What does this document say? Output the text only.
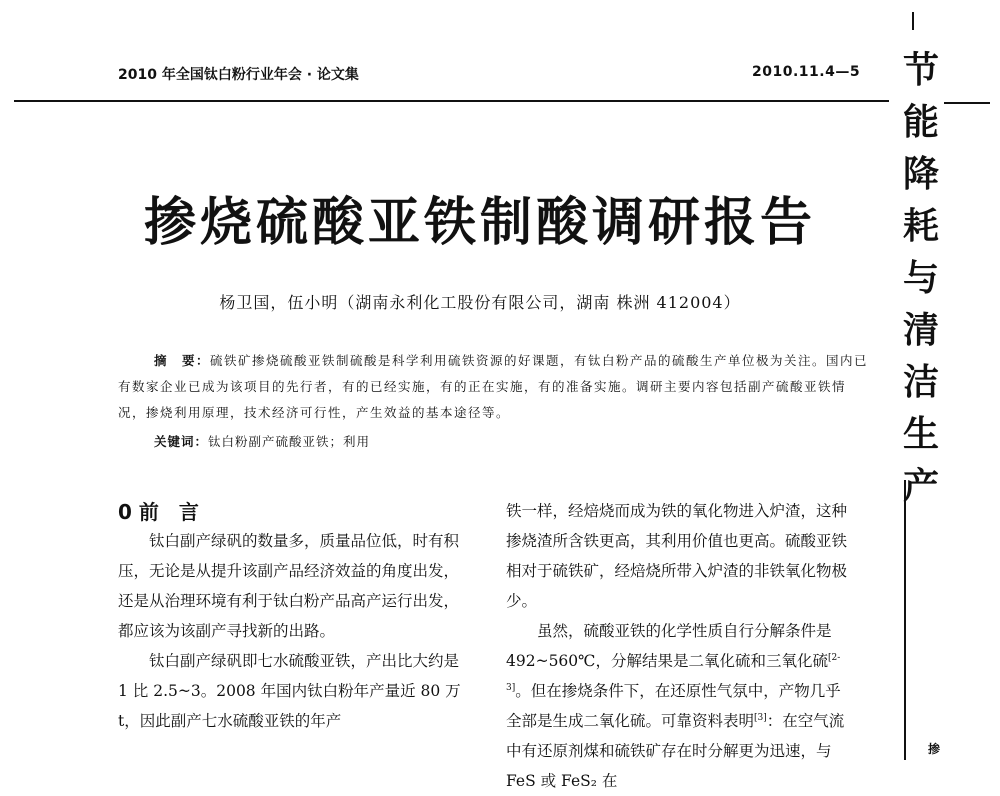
2010 年全国钛白粉行业年会 · 论文集	2010.11.4—5 节
能
降
耗
与
清
洁
生
产
掺
掺烧硫酸亚铁制酸调研报告
杨卫国，伍小明（湖南永利化工股份有限公司，湖南 株洲 412004）
摘　要：硫铁矿掺烧硫酸亚铁制硫酸是科学利用硫铁资源的好课题，有钛白粉产品的硫酸生产单位极为关注。国内已有数家企业已成为该项目的先行者，有的已经实施，有的正在实施，有的准备实施。调研主要内容包括副产硫酸亚铁情况，掺烧利用原理，技术经济可行性，产生效益的基本途径等。
关键词：钛白粉副产硫酸亚铁；利用
0 前　言

钛白副产绿矾的数量多，质量品位低，时有积压，无论是从提升该副产品经济效益的角度出发，还是从治理环境有利于钛白粉产品高产运行出发，都应该为该副产寻找新的出路。

钛白副产绿矾即七水硫酸亚铁，产出比大约是 1 比 2.5~3。2008 年国内钛白粉年产量近 80 万t，因此副产七水硫酸亚铁的年产

铁一样，经焙烧而成为铁的氧化物进入炉渣，这种掺烧渣所含铁更高，其利用价值也更高。硫酸亚铁相对于硫铁矿，经焙烧所带入炉渣的非铁氧化物极少。

虽然，硫酸亚铁的化学性质自行分解条件是 492~560℃，分解结果是二氧化硫和三氧化硫[2-3]。但在掺烧条件下，在还原性气氛中，产物几乎全部是生成二氧化硫。可靠资料表明[3]：在空气流中有还原剂煤和硫铁矿存在时分解更为迅速，与 FeS 或 FeS₂ 在
